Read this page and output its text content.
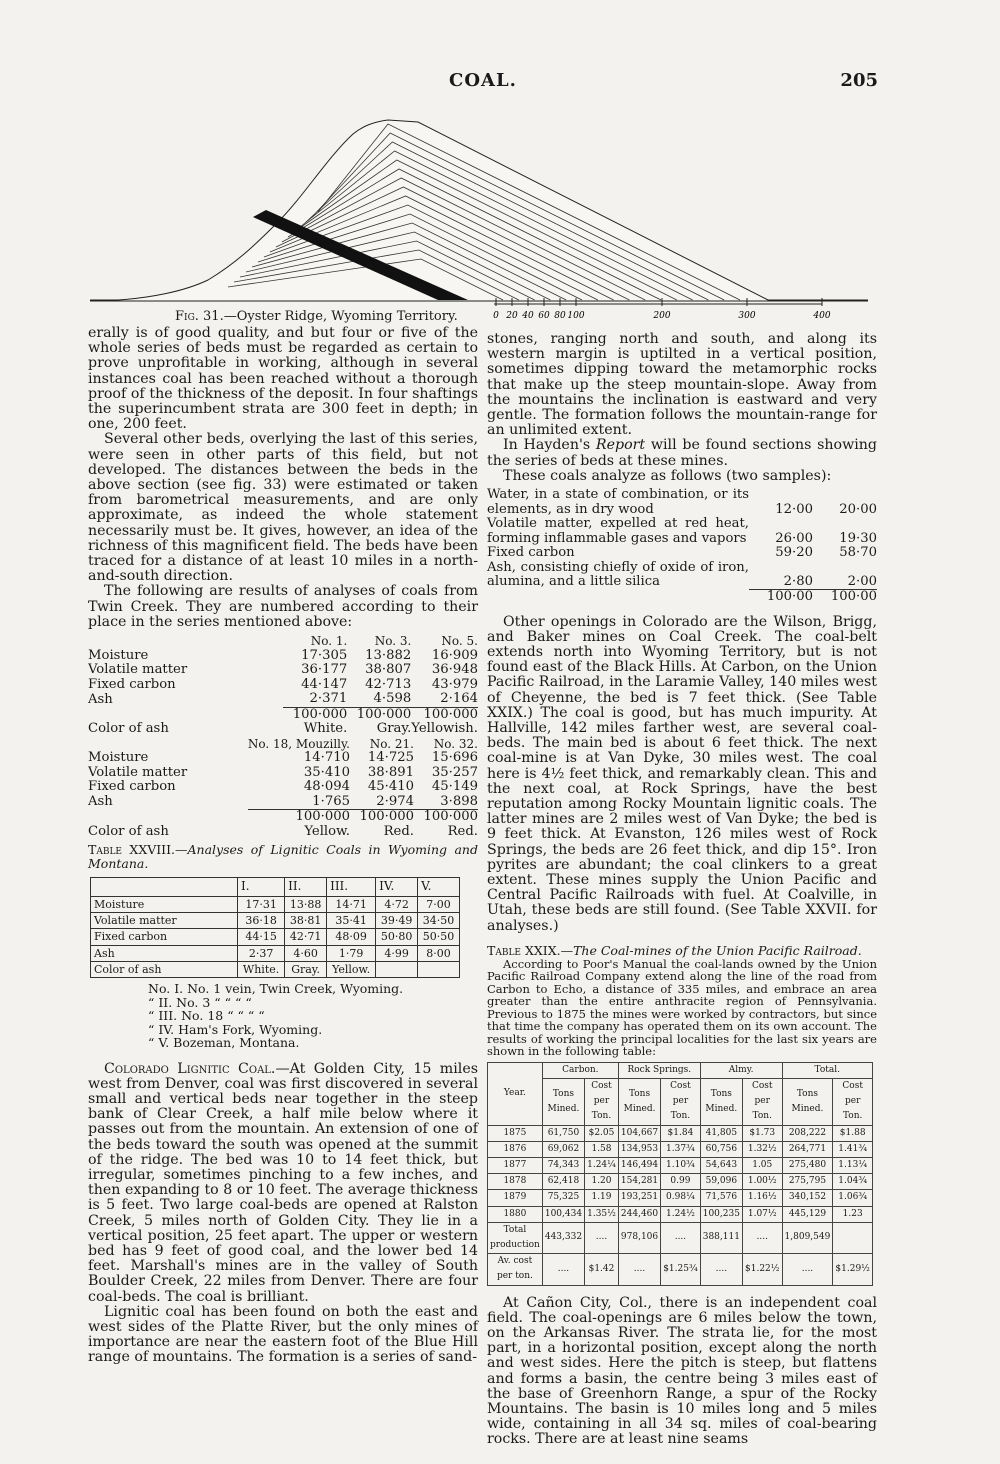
COAL.	205
0 20 40 60 80 100	200	300	400
Fig. 31.—Oyster Ridge, Wyoming Territory.

erally is of good quality, and but four or five of the whole series of beds must be regarded as certain to prove unprofitable in working, although in several instances coal has been reached without a thorough proof of the thickness of the deposit. In four shaftings the superincumbent strata are 300 feet in depth; in one, 200 feet.

Several other beds, overlying the last of this series, were seen in other parts of this field, but not developed. The distances between the beds in the above section (see fig. 33) were estimated or taken from barometrical measurements, and are only approximate, as indeed the whole statement necessarily must be. It gives, however, an idea of the richness of this magnificent field. The beds have been traced for a distance of at least 10 miles in a north-and-south direction.

The following are results of analyses of coals from Twin Creek. They are numbered according to their place in the series mentioned above:

	No. 1.	No. 3.	No. 5.
Moisture	17·305	13·882	16·909
Volatile matter	36·177	38·807	36·948
Fixed carbon	44·147	42·713	43·979
Ash	2·371	4·598	2·164
	100·000	100·000	100·000
Color of ash	White.	Gray.	Yellowish.
	No. 18, Mouzilly.	No. 21.	No. 32.
Moisture	14·710	14·725	15·696
Volatile matter	35·410	38·891	35·257
Fixed carbon	48·094	45·410	45·149
Ash	1·765	2·974	3·898
	100·000	100·000	100·000
Color of ash	Yellow.	Red.	Red.
Table XXVIII.—Analyses of Lignitic Coals in Wyoming and Montana.
	I.	II.	III.	IV.	V.
Moisture	17·31	13·88	14·71	4·72	7·00
Volatile matter	36·18	38·81	35·41	39·49	34·50
Fixed carbon	44·15	42·71	48·09	50·80	50·50
Ash	2·37	4·60	1·79	4·99	8·00
Color of ash	White.	Gray.	Yellow.		
No. I. No. 1 vein, Twin Creek, Wyoming.
“ II. No. 3 “ “ “ “
“ III. No. 18 “ “ “ “
“ IV. Ham's Fork, Wyoming.
“ V. Bozeman, Montana.

Colorado Lignitic Coal.—At Golden City, 15 miles west from Denver, coal was first discovered in several small and vertical beds near together in the steep bank of Clear Creek, a half mile below where it passes out from the mountain. An extension of one of the beds toward the south was opened at the summit of the ridge. The bed was 10 to 14 feet thick, but irregular, sometimes pinching to a few inches, and then expanding to 8 or 10 feet. The average thickness is 5 feet. Two large coal-beds are opened at Ralston Creek, 5 miles north of Golden City. They lie in a vertical position, 25 feet apart. The upper or western bed has 9 feet of good coal, and the lower bed 14 feet. Marshall's mines are in the valley of South Boulder Creek, 22 miles from Denver. There are four coal-beds. The coal is brilliant.

Lignitic coal has been found on both the east and west sides of the Platte River, but the only mines of importance are near the eastern foot of the Blue Hill range of mountains. The formation is a series of sand-

stones, ranging north and south, and along its western margin is uptilted in a vertical position, sometimes dipping toward the metamorphic rocks that make up the steep mountain-slope. Away from the mountains the inclination is eastward and very gentle. The formation follows the mountain-range for an unlimited extent.

In Hayden's Report will be found sections showing the series of beds at these mines.

These coals analyze as follows (two samples):

Water, in a state of combination, or its elements, as in dry wood	12·00	20·00
Volatile matter, expelled at red heat, forming inflammable gases and vapors	26·00	19·30
Fixed carbon	59·20	58·70
Ash, consisting chiefly of oxide of iron, alumina, and a little silica	2·80	2·00
	100·00	100·00

Other openings in Colorado are the Wilson, Brigg, and Baker mines on Coal Creek. The coal-belt extends north into Wyoming Territory, but is not found east of the Black Hills. At Carbon, on the Union Pacific Railroad, in the Laramie Valley, 140 miles west of Cheyenne, the bed is 7 feet thick. (See Table XXIX.) The coal is good, but has much impurity. At Hallville, 142 miles farther west, are several coal-beds. The main bed is about 6 feet thick. The next coal-mine is at Van Dyke, 30 miles west. The coal here is 4½ feet thick, and remarkably clean. This and the next coal, at Rock Springs, have the best reputation among Rocky Mountain lignitic coals. The latter mines are 2 miles west of Van Dyke; the bed is 9 feet thick. At Evanston, 126 miles west of Rock Springs, the beds are 26 feet thick, and dip 15°. Iron pyrites are abundant; the coal clinkers to a great extent. These mines supply the Union Pacific and Central Pacific Railroads with fuel. At Coalville, in Utah, these beds are still found. (See Table XXVII. for analyses.)

Table XXIX.—The Coal-mines of the Union Pacific Railroad.

According to Poor's Manual the coal-lands owned by the Union Pacific Railroad Company extend along the line of the road from Carbon to Echo, a distance of 335 miles, and embrace an area greater than the entire anthracite region of Pennsylvania. Previous to 1875 the mines were worked by contractors, but since that time the company has operated them on its own account. The results of working the principal localities for the last six years are shown in the following table:

Year.	Carbon.		Rock Springs.		Almy.		Total.	
	Tons Mined.	Cost per Ton.	Tons Mined.	Cost per Ton.	Tons Mined.	Cost per Ton.	Tons Mined.	Cost per Ton.
1875	61,750	$2.05	104,667	$1.84	41,805	$1.73	208,222	$1.88
1876	69,062	1.58	134,953	1.37¾	60,756	1.32½	264,771	1.41¾
1877	74,343	1.24¼	146,494	1.10¾	54,643	1.05	275,480	1.13¼
1878	62,418	1.20	154,281	0.99	59,096	1.00½	275,795	1.04¾
1879	75,325	1.19	193,251	0.98¼	71,576	1.16½	340,152	1.06¾
1880	100,434	1.35½	244,460	1.24½	100,235	1.07½	445,129	1.23
Total production	443,332	....	978,106	....	388,111	....	1,809,549	
Av. cost per ton.	....	$1.42	....	$1.25¾	....	$1.22½	....	$1.29½

At Cañon City, Col., there is an independent coal field. The coal-openings are 6 miles below the town, on the Arkansas River. The strata lie, for the most part, in a horizontal position, except along the north and west sides. Here the pitch is steep, but flattens and forms a basin, the centre being 3 miles east of the base of Greenhorn Range, a spur of the Rocky Mountains. The basin is 10 miles long and 5 miles wide, containing in all 34 sq. miles of coal-bearing rocks. There are at least nine seams
